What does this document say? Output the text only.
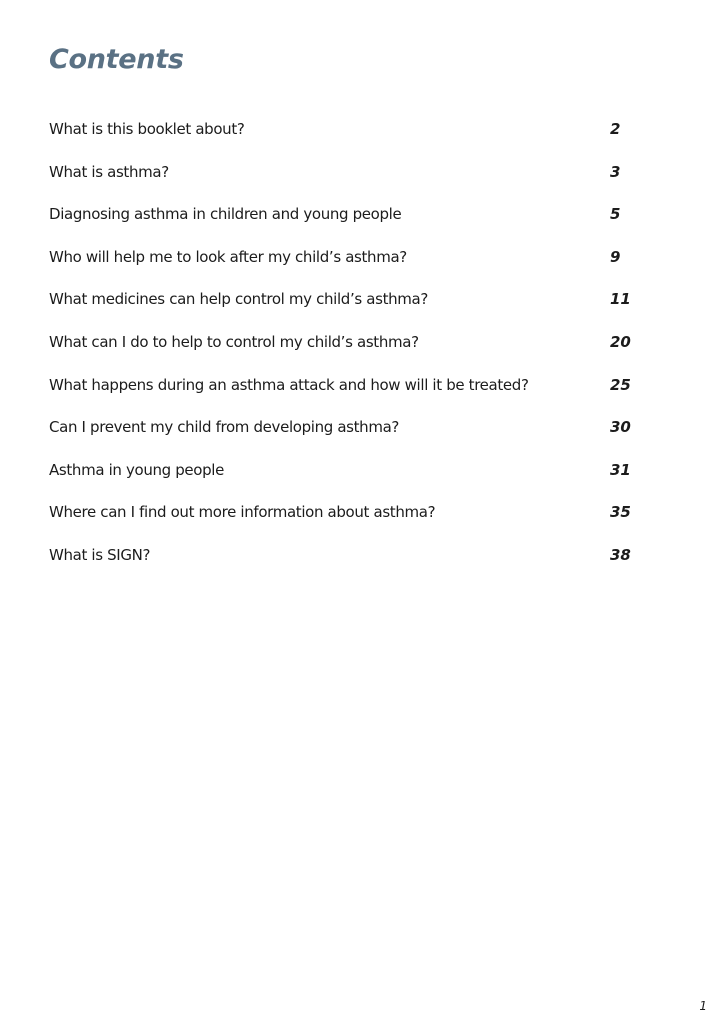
Contents
What is this booklet about?	2
What is asthma?	3
Diagnosing asthma in children and young people	5
Who will help me to look after my child’s asthma?	9
What medicines can help control my child’s asthma?	11
What can I do to help to control my child’s asthma?	20
What happens during an asthma attack and how will it be treated?	25
Can I prevent my child from developing asthma?	30
Asthma in young people	31
Where can I find out more information about asthma?	35
What is SIGN?	38
1
